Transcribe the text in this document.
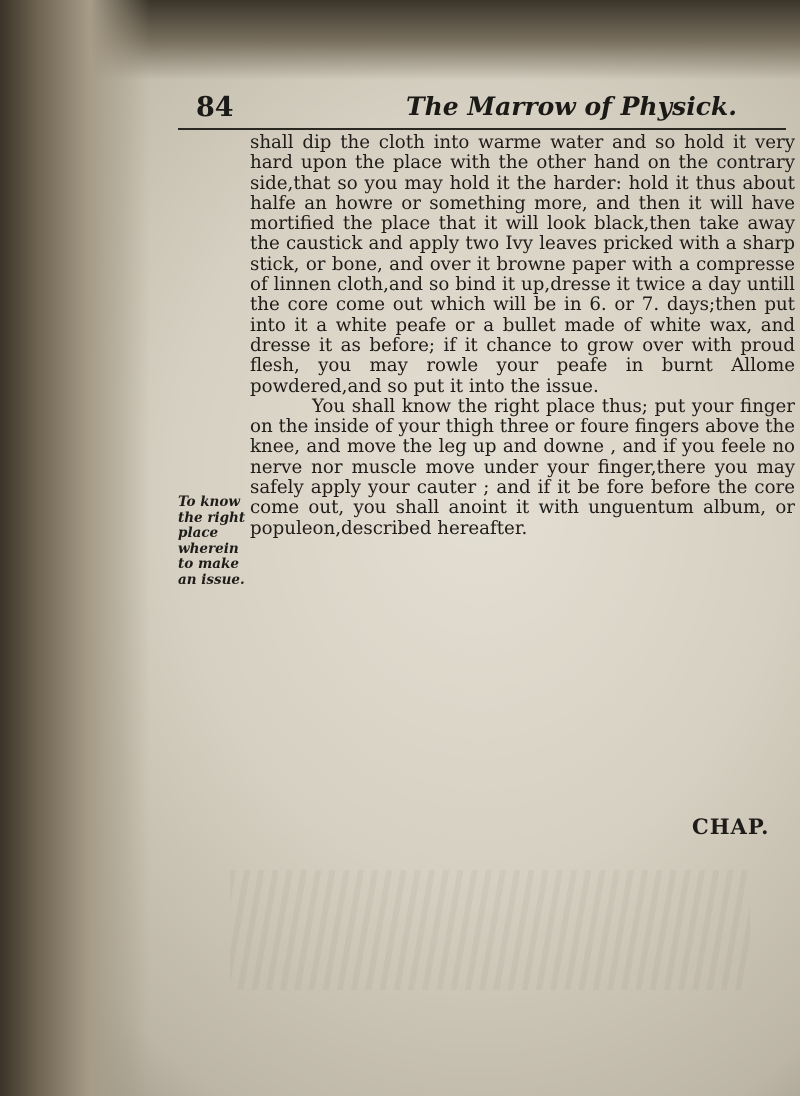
84	The Marrow of Physick.
To know the right place wherein to make an issue.

shall dip the cloth into warme water and so hold it very hard upon the place with the other hand on the contrary side,that so you may hold it the harder: hold it thus about halfe an howre or something more, and then it will have mortified the place that it will look black,then take away the caustick and apply two Ivy leaves pricked with a sharp stick, or bone, and over it browne paper with a compresse of linnen cloth,and so bind it up,dresse it twice a day untill the core come out which will be in 6. or 7. days;then put into it a white peafe or a bullet made of white wax, and dresse it as before; if it chance to grow over with proud flesh, you may rowle your peafe in burnt Allome powdered,and so put it into the issue.

You shall know the right place thus; put your finger on the inside of your thigh three or foure fingers above the knee, and move the leg up and downe , and if you feele no nerve nor muscle move under your finger,there you may safely apply your cauter ; and if it be fore before the core come out, you shall anoint it with unguentum album, or populeon,described hereafter.

CHAP.
